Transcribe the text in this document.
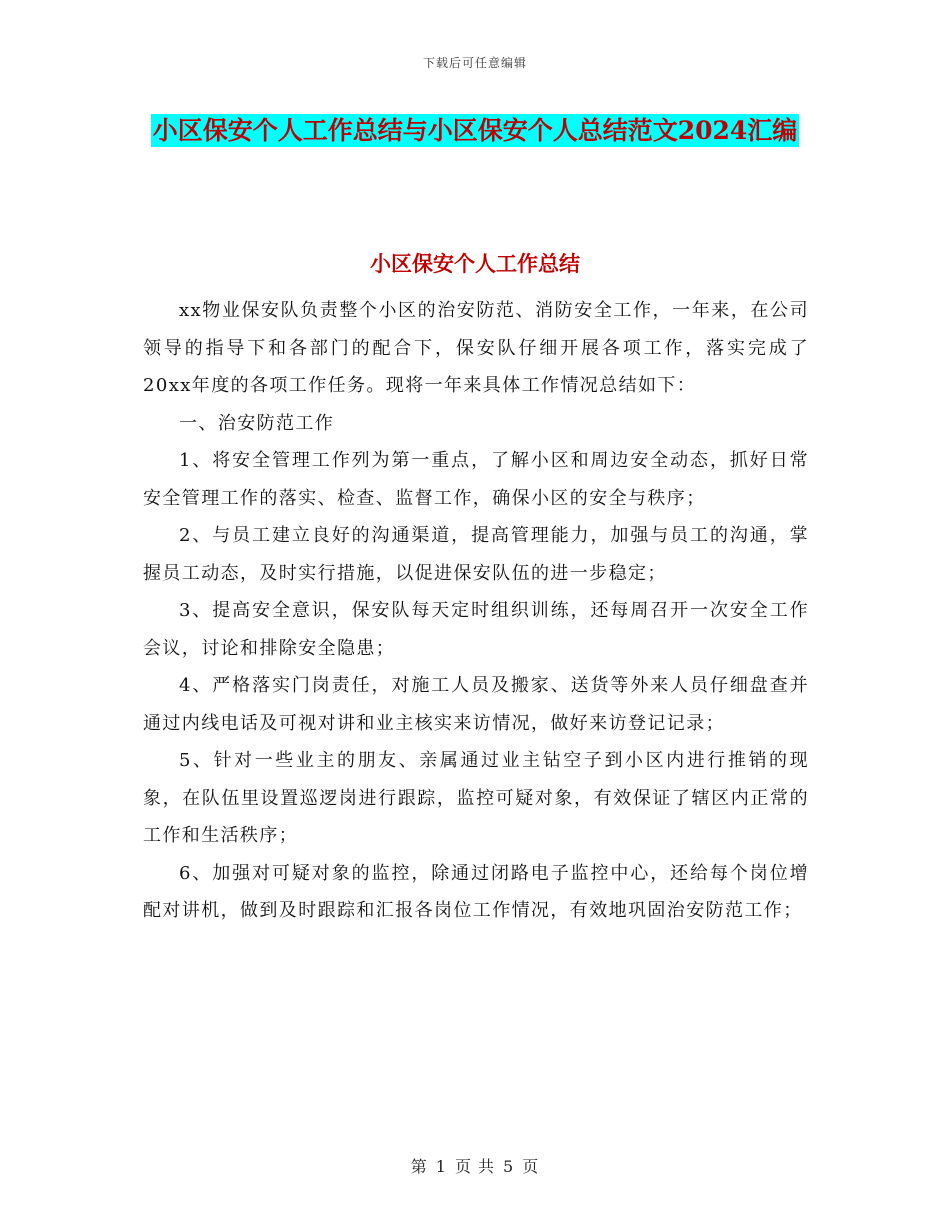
下载后可任意编辑
小区保安个人工作总结与小区保安个人总结范文2024汇编
小区保安个人工作总结

xx物业保安队负责整个小区的治安防范、消防安全工作，一年来，在公司领导的指导下和各部门的配合下，保安队仔细开展各项工作，落实完成了20xx年度的各项工作任务。现将一年来具体工作情况总结如下：

一、治安防范工作

1、将安全管理工作列为第一重点，了解小区和周边安全动态，抓好日常安全管理工作的落实、检查、监督工作，确保小区的安全与秩序；

2、与员工建立良好的沟通渠道，提高管理能力，加强与员工的沟通，掌握员工动态，及时实行措施，以促进保安队伍的进一步稳定；

3、提高安全意识，保安队每天定时组织训练，还每周召开一次安全工作会议，讨论和排除安全隐患；

4、严格落实门岗责任，对施工人员及搬家、送货等外来人员仔细盘查并通过内线电话及可视对讲和业主核实来访情况，做好来访登记记录；

5、针对一些业主的朋友、亲属通过业主钻空子到小区内进行推销的现象，在队伍里设置巡逻岗进行跟踪，监控可疑对象，有效保证了辖区内正常的工作和生活秩序；

6、加强对可疑对象的监控，除通过闭路电子监控中心，还给每个岗位增配对讲机，做到及时跟踪和汇报各岗位工作情况，有效地巩固治安防范工作；

第 1 页 共 5 页
